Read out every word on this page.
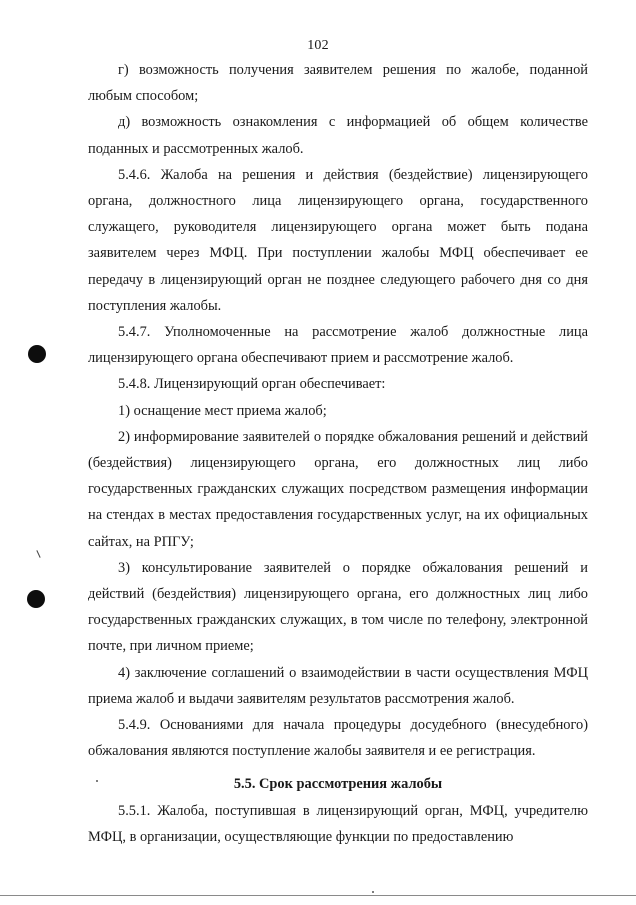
102

г) возможность получения заявителем решения по жалобе, поданной любым способом;

д) возможность ознакомления с информацией об общем количестве поданных и рассмотренных жалоб.

5.4.6. Жалоба на решения и действия (бездействие) лицензирующего органа, должностного лица лицензирующего органа, государственного служащего, руководителя лицензирующего органа может быть подана заявителем через МФЦ. При поступлении жалобы МФЦ обеспечивает ее передачу в лицензирующий орган не позднее следующего рабочего дня со дня поступления жалобы.

5.4.7. Уполномоченные на рассмотрение жалоб должностные лица лицензирующего органа обеспечивают прием и рассмотрение жалоб.

5.4.8. Лицензирующий орган обеспечивает:

1) оснащение мест приема жалоб;

2) информирование заявителей о порядке обжалования решений и действий (бездействия) лицензирующего органа, его должностных лиц либо государственных гражданских служащих посредством размещения информации на стендах в местах предоставления государственных услуг, на их официальных сайтах, на РПГУ;

3) консультирование заявителей о порядке обжалования решений и действий (бездействия) лицензирующего органа, его должностных лиц либо государственных гражданских служащих, в том числе по телефону, электронной почте, при личном приеме;

4) заключение соглашений о взаимодействии в части осуществления МФЦ приема жалоб и выдачи заявителям результатов рассмотрения жалоб.

5.4.9. Основаниями для начала процедуры досудебного (внесудебного) обжалования являются поступление жалобы заявителя и ее регистрация.

5.5. Срок рассмотрения жалобы

5.5.1. Жалоба, поступившая в лицензирующий орган, МФЦ, учредителю МФЦ, в организации, осуществляющие функции по предоставлению
